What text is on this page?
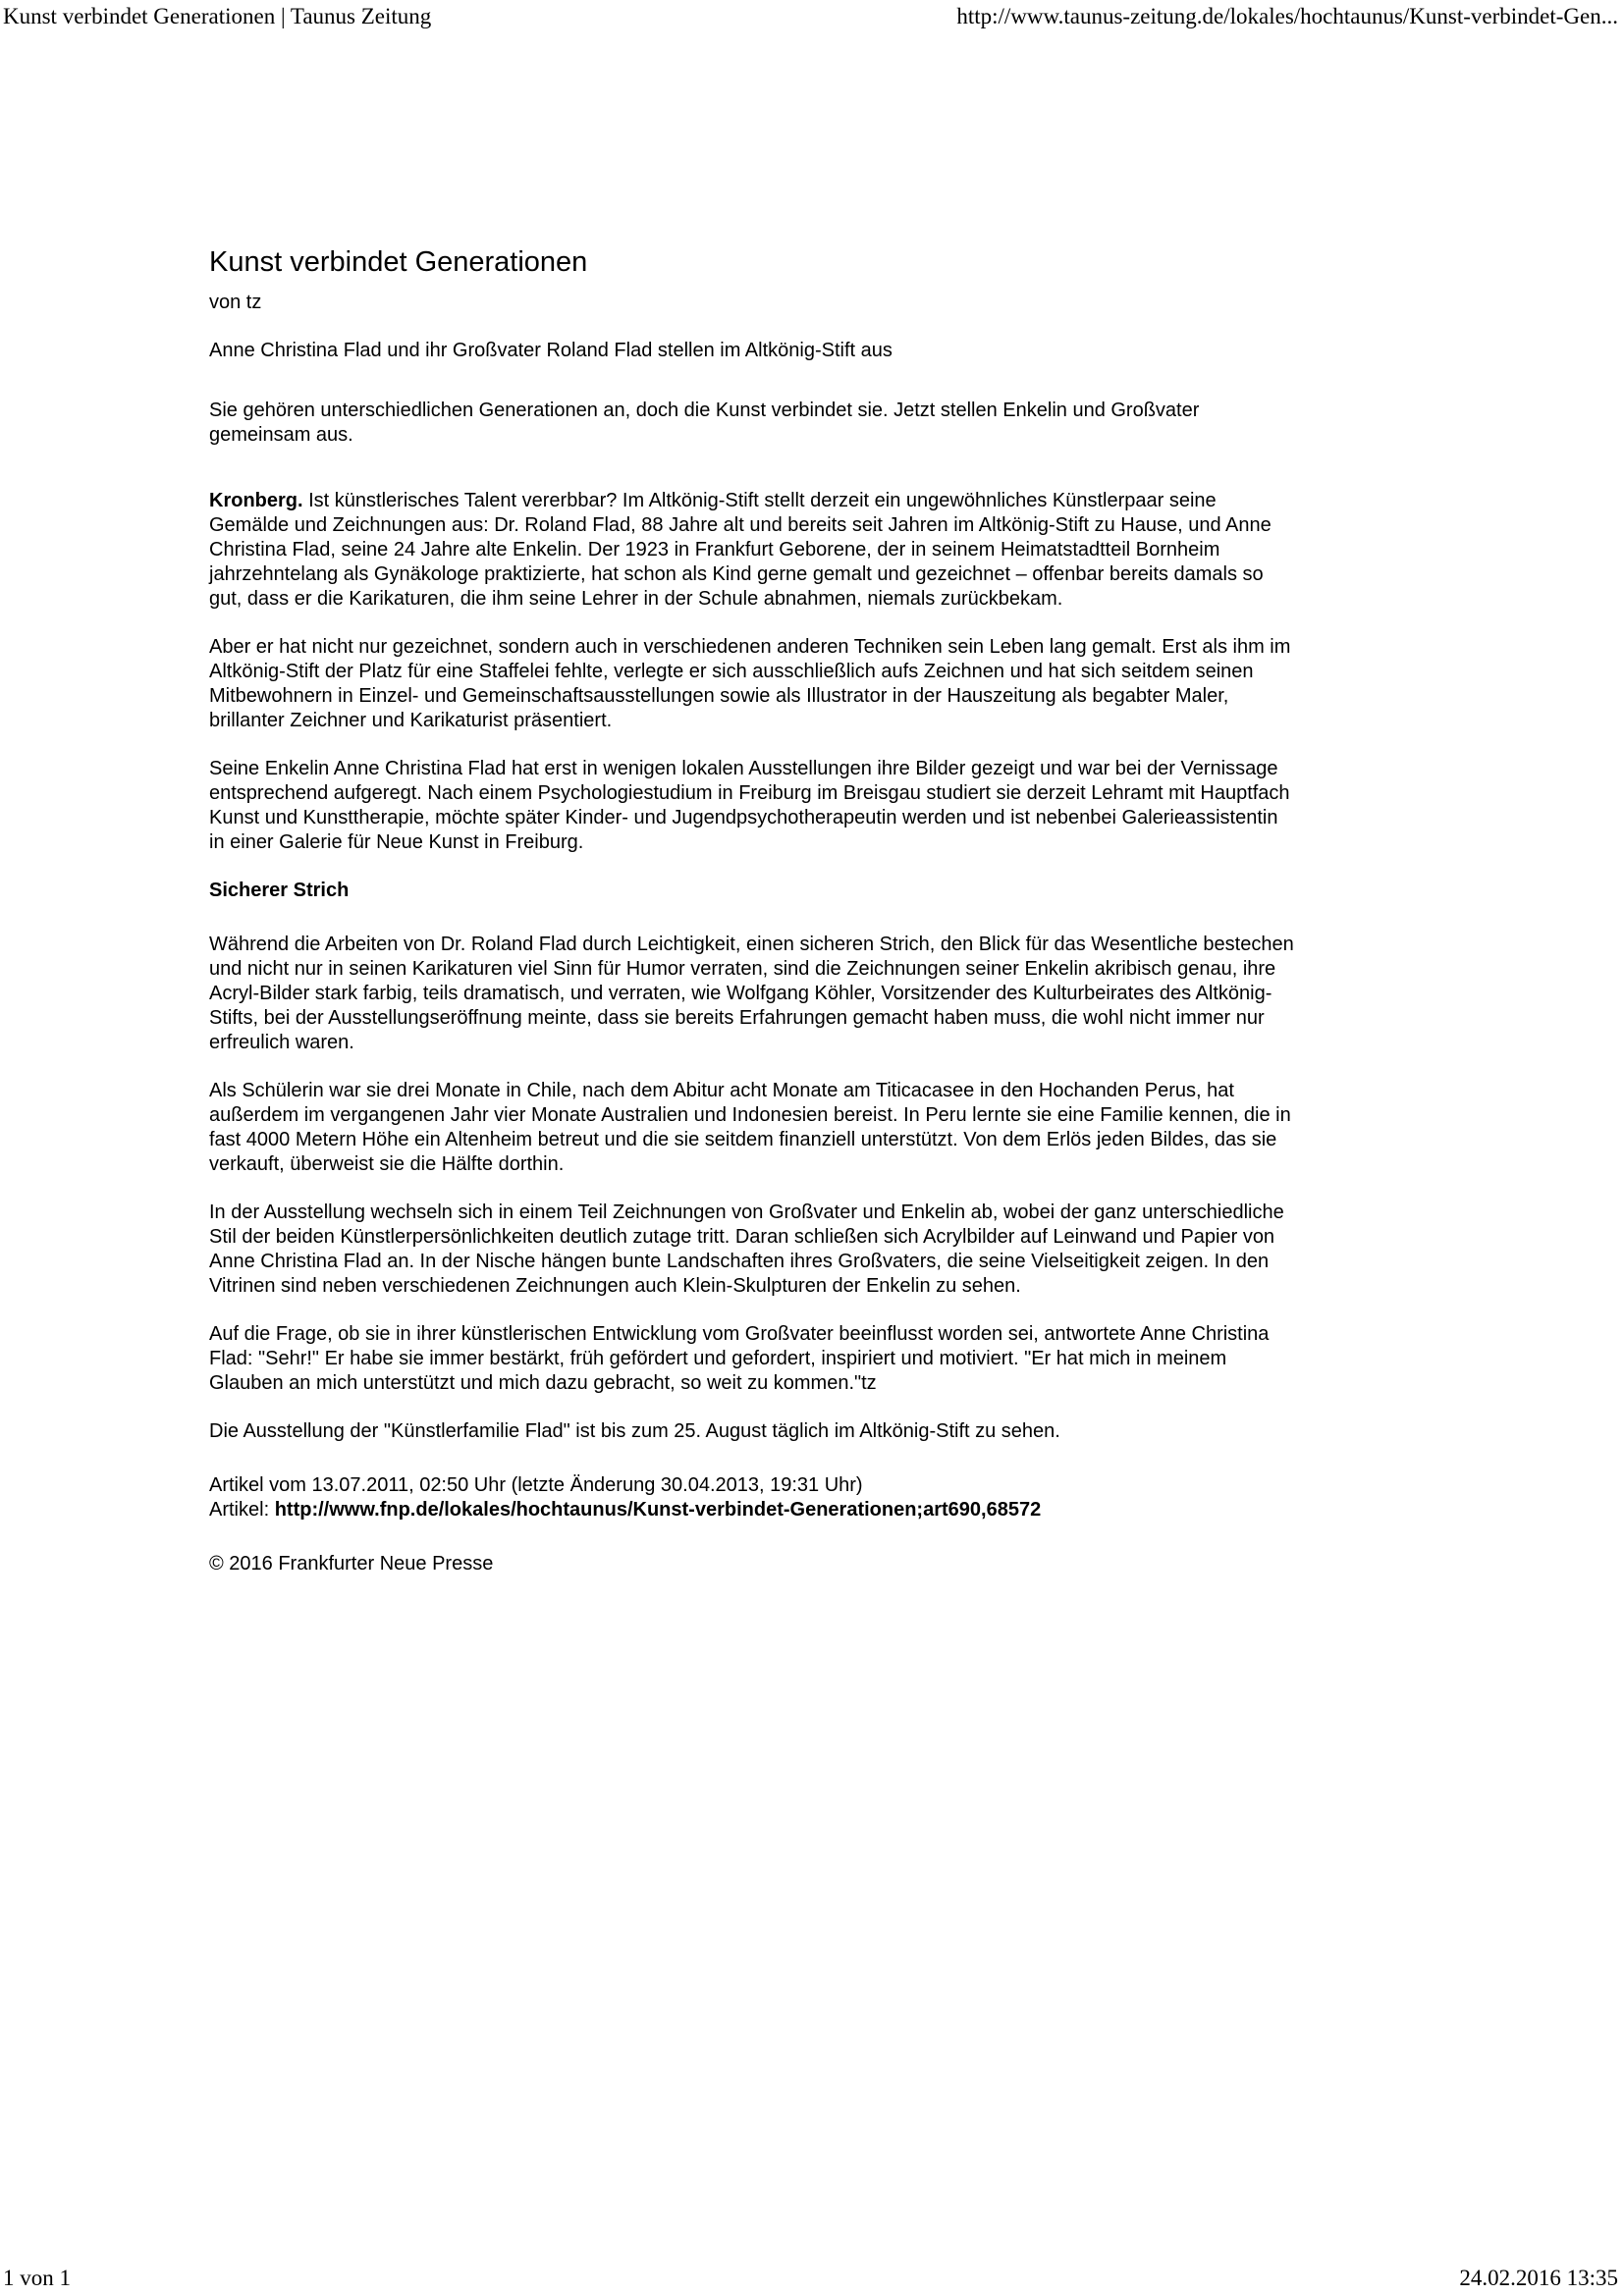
Kunst verbindet Generationen | Taunus Zeitung	http://www.taunus-zeitung.de/lokales/hochtaunus/Kunst-verbindet-Gen...
Kunst verbindet Generationen
von tz
Anne Christina Flad und ihr Großvater Roland Flad stellen im Altkönig-Stift aus
Sie gehören unterschiedlichen Generationen an, doch die Kunst verbindet sie. Jetzt stellen Enkelin und Großvater gemeinsam aus.

Kronberg. Ist künstlerisches Talent vererbbar? Im Altkönig-Stift stellt derzeit ein ungewöhnliches Künstlerpaar seine Gemälde und Zeichnungen aus: Dr. Roland Flad, 88 Jahre alt und bereits seit Jahren im Altkönig-Stift zu Hause, und Anne Christina Flad, seine 24 Jahre alte Enkelin. Der 1923 in Frankfurt Geborene, der in seinem Heimatstadtteil Bornheim jahrzehntelang als Gynäkologe praktizierte, hat schon als Kind gerne gemalt und gezeichnet – offenbar bereits damals so gut, dass er die Karikaturen, die ihm seine Lehrer in der Schule abnahmen, niemals zurückbekam.

Aber er hat nicht nur gezeichnet, sondern auch in verschiedenen anderen Techniken sein Leben lang gemalt. Erst als ihm im Altkönig-Stift der Platz für eine Staffelei fehlte, verlegte er sich ausschließlich aufs Zeichnen und hat sich seitdem seinen Mitbewohnern in Einzel- und Gemeinschaftsausstellungen sowie als Illustrator in der Hauszeitung als begabter Maler, brillanter Zeichner und Karikaturist präsentiert.

Seine Enkelin Anne Christina Flad hat erst in wenigen lokalen Ausstellungen ihre Bilder gezeigt und war bei der Vernissage entsprechend aufgeregt. Nach einem Psychologiestudium in Freiburg im Breisgau studiert sie derzeit Lehramt mit Hauptfach Kunst und Kunsttherapie, möchte später Kinder- und Jugendpsychotherapeutin werden und ist nebenbei Galerieassistentin in einer Galerie für Neue Kunst in Freiburg.

Sicherer Strich

Während die Arbeiten von Dr. Roland Flad durch Leichtigkeit, einen sicheren Strich, den Blick für das Wesentliche bestechen und nicht nur in seinen Karikaturen viel Sinn für Humor verraten, sind die Zeichnungen seiner Enkelin akribisch genau, ihre Acryl-Bilder stark farbig, teils dramatisch, und verraten, wie Wolfgang Köhler, Vorsitzender des Kulturbeirates des Altkönig-Stifts, bei der Ausstellungseröffnung meinte, dass sie bereits Erfahrungen gemacht haben muss, die wohl nicht immer nur erfreulich waren.

Als Schülerin war sie drei Monate in Chile, nach dem Abitur acht Monate am Titicacasee in den Hochanden Perus, hat außerdem im vergangenen Jahr vier Monate Australien und Indonesien bereist. In Peru lernte sie eine Familie kennen, die in fast 4000 Metern Höhe ein Altenheim betreut und die sie seitdem finanziell unterstützt. Von dem Erlös jeden Bildes, das sie verkauft, überweist sie die Hälfte dorthin.

In der Ausstellung wechseln sich in einem Teil Zeichnungen von Großvater und Enkelin ab, wobei der ganz unterschiedliche Stil der beiden Künstlerpersönlichkeiten deutlich zutage tritt. Daran schließen sich Acrylbilder auf Leinwand und Papier von Anne Christina Flad an. In der Nische hängen bunte Landschaften ihres Großvaters, die seine Vielseitigkeit zeigen. In den Vitrinen sind neben verschiedenen Zeichnungen auch Klein-Skulpturen der Enkelin zu sehen.

Auf die Frage, ob sie in ihrer künstlerischen Entwicklung vom Großvater beeinflusst worden sei, antwortete Anne Christina Flad: "Sehr!" Er habe sie immer bestärkt, früh gefördert und gefordert, inspiriert und motiviert. "Er hat mich in meinem Glauben an mich unterstützt und mich dazu gebracht, so weit zu kommen."tz

Die Ausstellung der "Künstlerfamilie Flad" ist bis zum 25. August täglich im Altkönig-Stift zu sehen.

Artikel vom 13.07.2011, 02:50 Uhr (letzte Änderung 30.04.2013, 19:31 Uhr)
Artikel: http://www.fnp.de/lokales/hochtaunus/Kunst-verbindet-Generationen;art690,68572
© 2016 Frankfurter Neue Presse
1 von 1	24.02.2016 13:35
